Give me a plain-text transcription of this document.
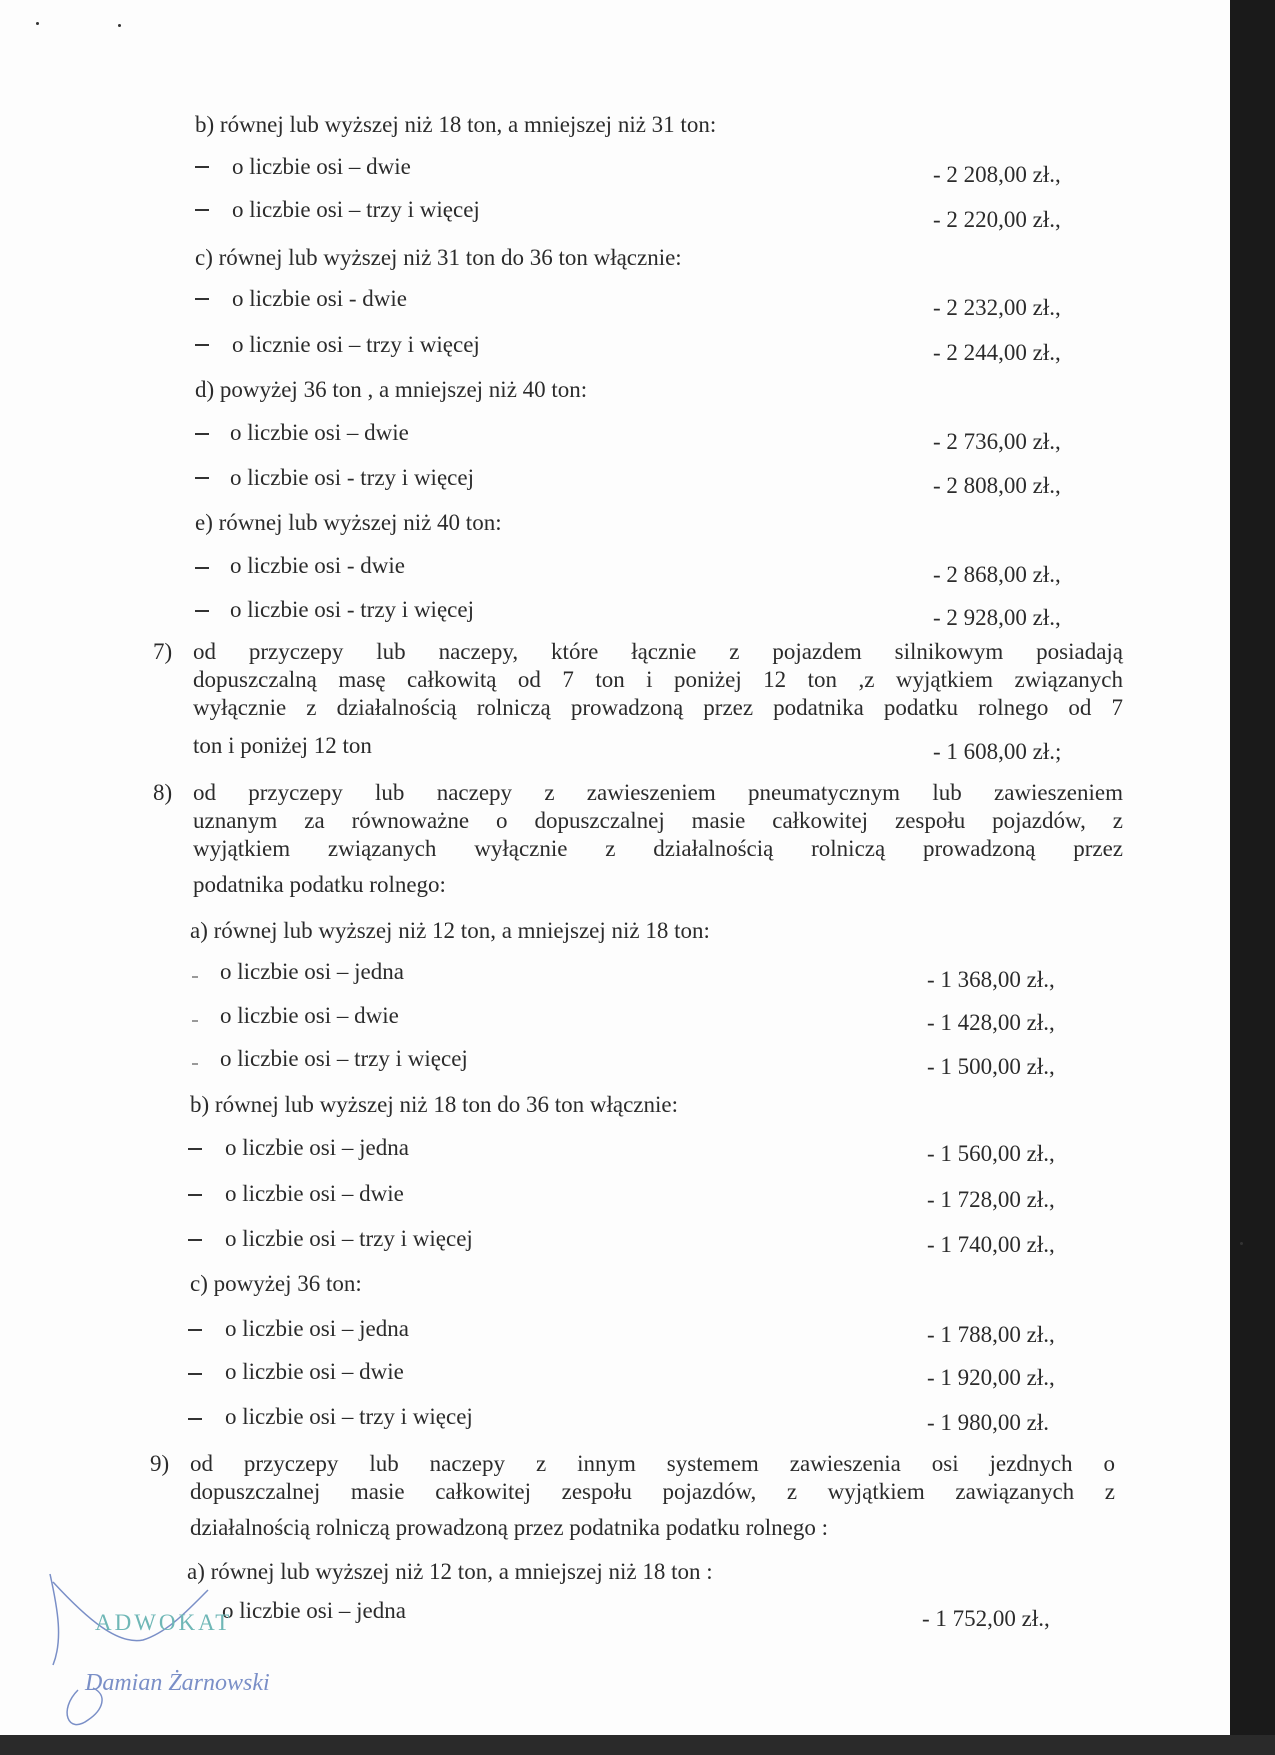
b) równej lub wyższej niż 18 ton, a mniejszej niż 31 ton:
o liczbie osi – dwie	- 2 208,00 zł.,
o liczbie osi – trzy i więcej	- 2 220,00 zł.,
c) równej lub wyższej niż 31 ton do 36 ton włącznie:
o liczbie osi - dwie	- 2 232,00 zł.,
o licznie osi – trzy i więcej	- 2 244,00 zł.,
d) powyżej 36 ton , a mniejszej niż 40 ton:
o liczbie osi – dwie	- 2 736,00 zł.,
o liczbie osi - trzy i więcej	- 2 808,00 zł.,
e) równej lub wyższej niż 40 ton:
o liczbie osi - dwie	- 2 868,00 zł.,
o liczbie osi - trzy i więcej	- 2 928,00 zł.,
7) od przyczepy lub naczepy, które łącznie z pojazdem silnikowym posiadają
dopuszczalną masę całkowitą od 7 ton i poniżej 12 ton ,z wyjątkiem związanych
wyłącznie z działalnością rolniczą prowadzoną przez podatnika podatku rolnego od 7
ton i poniżej 12 ton	- 1 608,00 zł.;
8) od przyczepy lub naczepy z zawieszeniem pneumatycznym lub zawieszeniem
uznanym za równoważne o dopuszczalnej masie całkowitej zespołu pojazdów, z
wyjątkiem związanych wyłącznie z działalnością rolniczą prowadzoną przez
podatnika podatku rolnego:
a) równej lub wyższej niż 12 ton, a mniejszej niż 18 ton:
o liczbie osi – jedna	- 1 368,00 zł.,
o liczbie osi – dwie	- 1 428,00 zł.,
o liczbie osi – trzy i więcej	- 1 500,00 zł.,
b) równej lub wyższej niż 18 ton do 36 ton włącznie:
o liczbie osi – jedna	- 1 560,00 zł.,
o liczbie osi – dwie	- 1 728,00 zł.,
o liczbie osi – trzy i więcej	- 1 740,00 zł.,
c) powyżej 36 ton:
o liczbie osi – jedna	- 1 788,00 zł.,
o liczbie osi – dwie	- 1 920,00 zł.,
o liczbie osi – trzy i więcej	- 1 980,00 zł.
9) od przyczepy lub naczepy z innym systemem zawieszenia osi jezdnych o
dopuszczalnej masie całkowitej zespołu pojazdów, z wyjątkiem zawiązanych z
działalnością rolniczą prowadzoną przez podatnika podatku rolnego :
a) równej lub wyższej niż 12 ton, a mniejszej niż 18 ton :
o liczbie osi – jedna	- 1 752,00 zł.,
ADWOKAT
Damian Żarnowski
